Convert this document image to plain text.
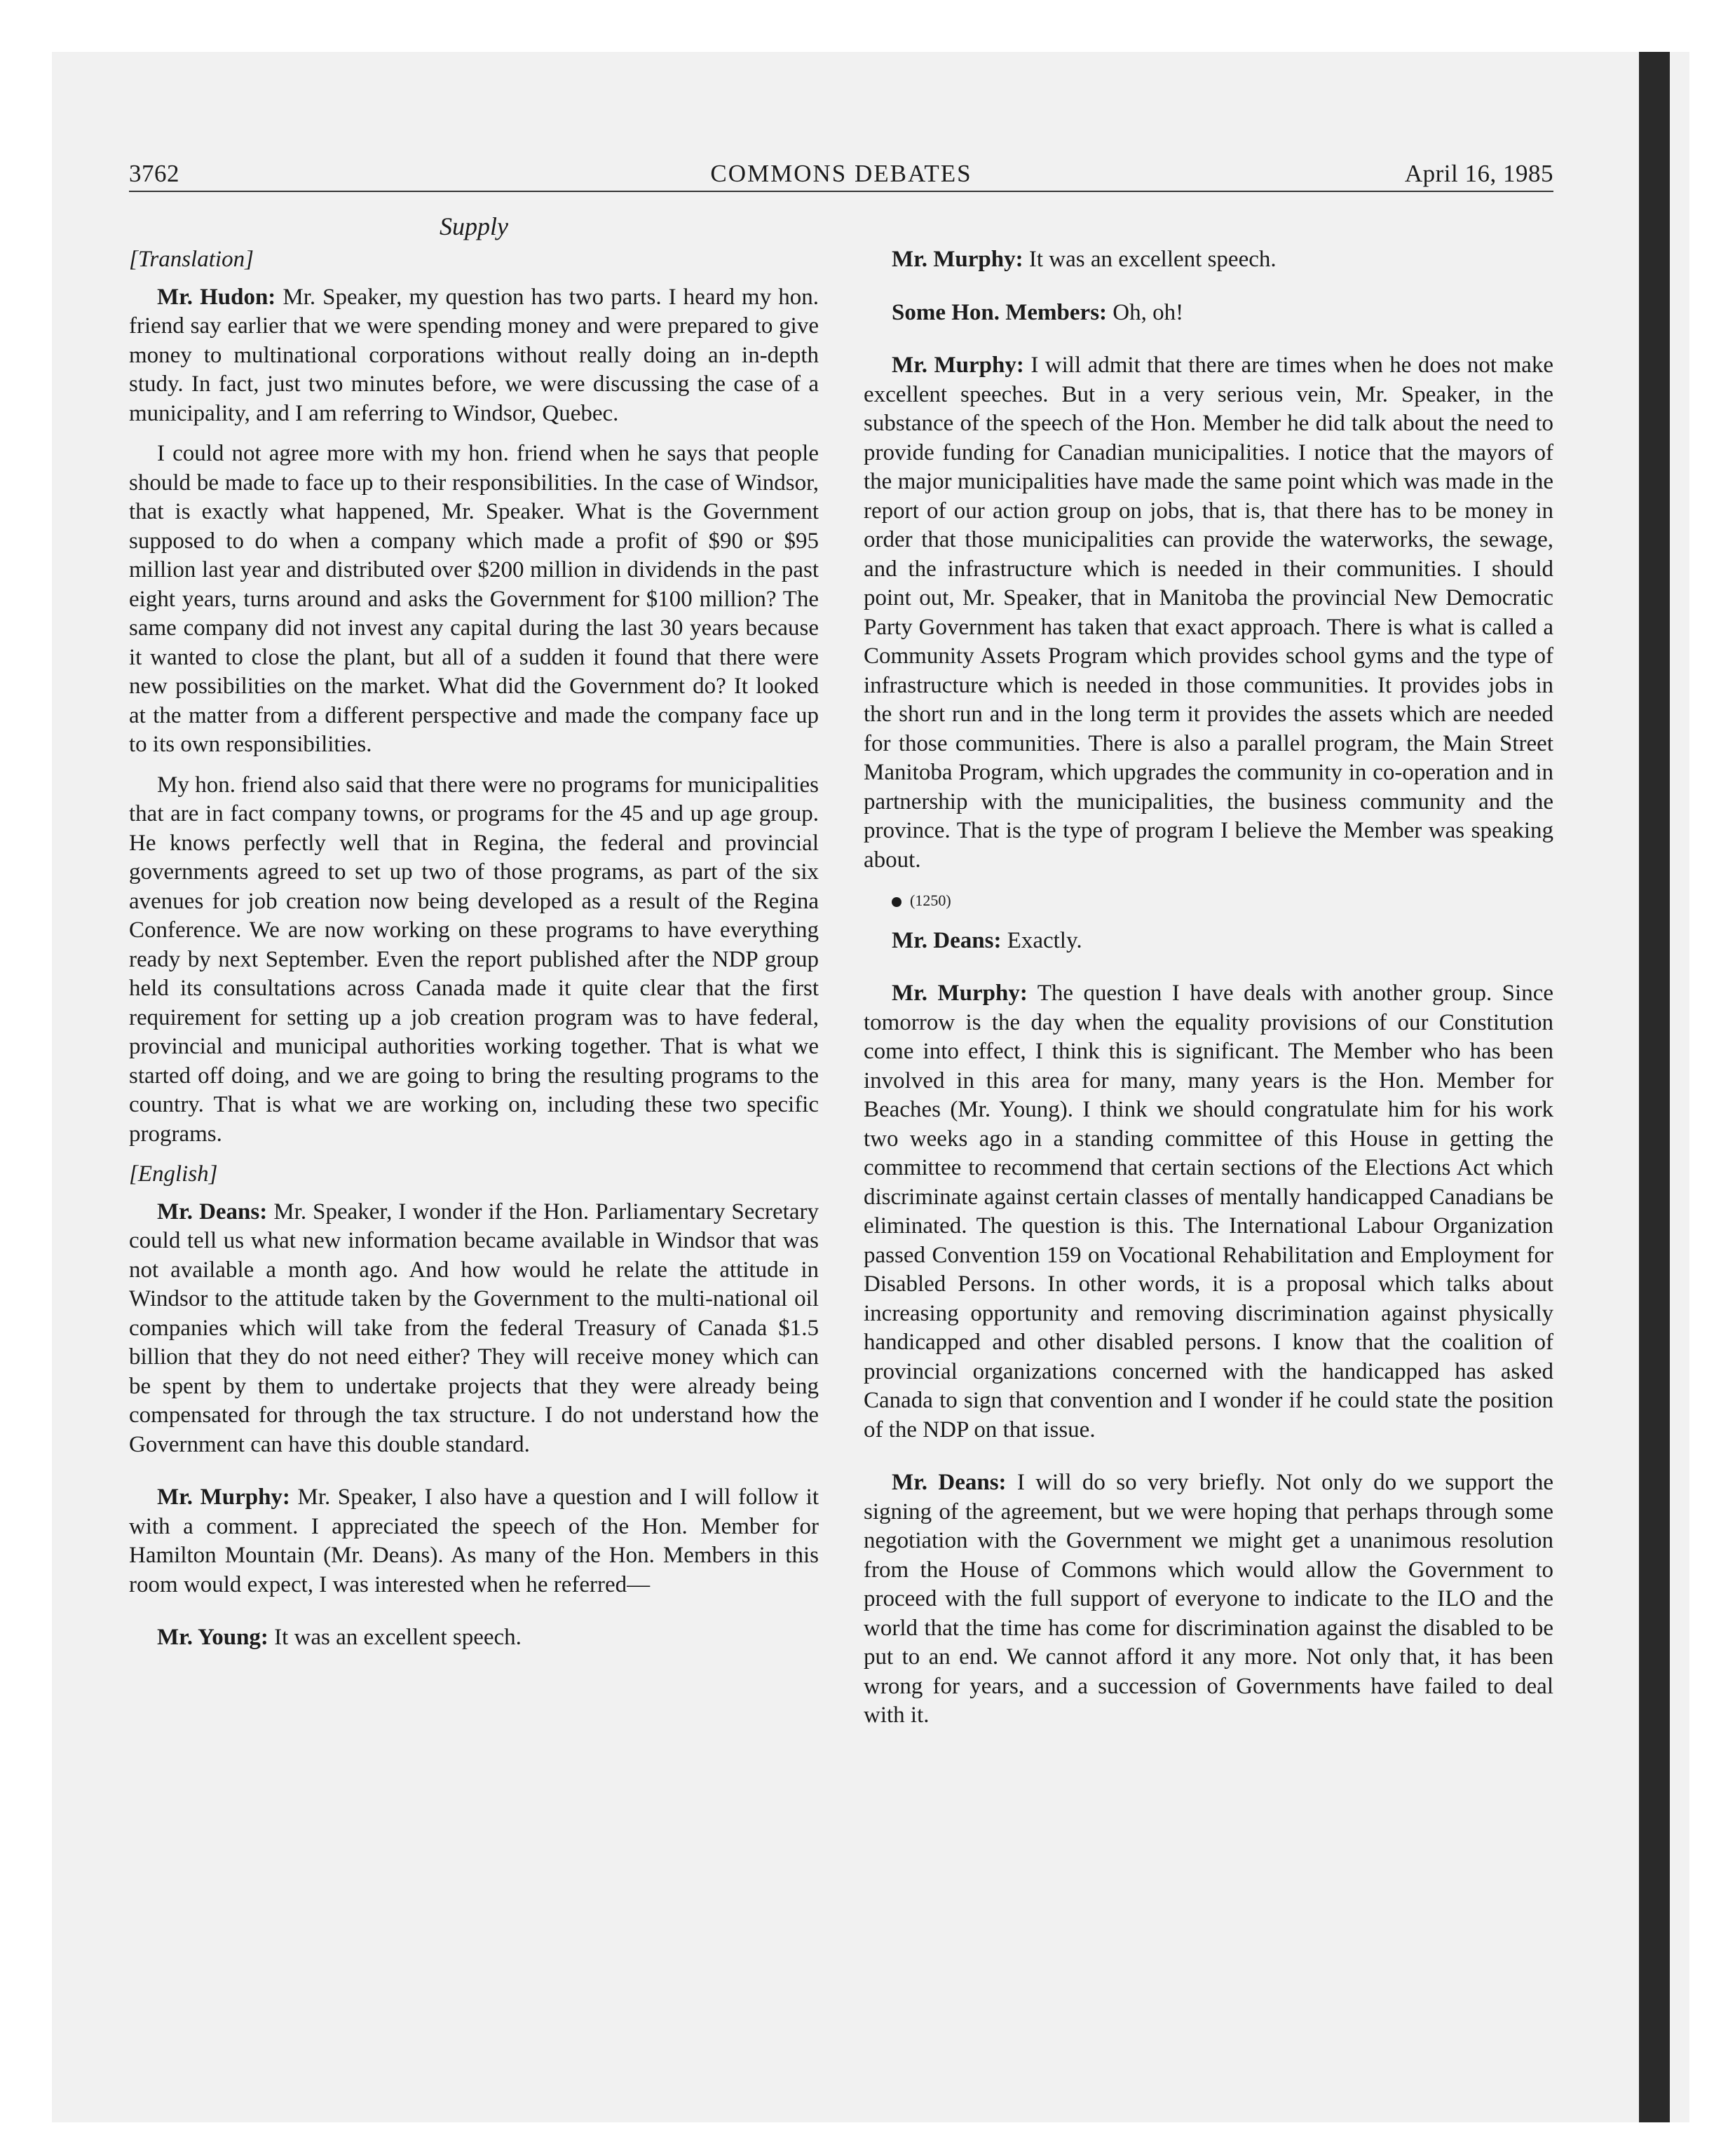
3762	COMMONS DEBATES	April 16, 1985
Supply

[Translation]

Mr. Hudon: Mr. Speaker, my question has two parts. I heard my hon. friend say earlier that we were spending money and were prepared to give money to multinational corporations without really doing an in-depth study. In fact, just two minutes before, we were discussing the case of a municipality, and I am referring to Windsor, Quebec.

I could not agree more with my hon. friend when he says that people should be made to face up to their responsibilities. In the case of Windsor, that is exactly what happened, Mr. Speaker. What is the Government supposed to do when a company which made a profit of $90 or $95 million last year and distributed over $200 million in dividends in the past eight years, turns around and asks the Government for $100 million? The same company did not invest any capital during the last 30 years because it wanted to close the plant, but all of a sudden it found that there were new possibilities on the market. What did the Government do? It looked at the matter from a different perspective and made the company face up to its own responsibilities.

My hon. friend also said that there were no programs for municipalities that are in fact company towns, or programs for the 45 and up age group. He knows perfectly well that in Regina, the federal and provincial governments agreed to set up two of those programs, as part of the six avenues for job creation now being developed as a result of the Regina Conference. We are now working on these programs to have everything ready by next September. Even the report published after the NDP group held its consultations across Canada made it quite clear that the first requirement for setting up a job creation program was to have federal, provincial and municipal authorities working together. That is what we started off doing, and we are going to bring the resulting programs to the country. That is what we are working on, including these two specific programs.

[English]

Mr. Deans: Mr. Speaker, I wonder if the Hon. Parliamentary Secretary could tell us what new information became available in Windsor that was not available a month ago. And how would he relate the attitude in Windsor to the attitude taken by the Government to the multi-national oil companies which will take from the federal Treasury of Canada $1.5 billion that they do not need either? They will receive money which can be spent by them to undertake projects that they were already being compensated for through the tax structure. I do not understand how the Government can have this double standard.

Mr. Murphy: Mr. Speaker, I also have a question and I will follow it with a comment. I appreciated the speech of the Hon. Member for Hamilton Mountain (Mr. Deans). As many of the Hon. Members in this room would expect, I was interested when he referred—

Mr. Young: It was an excellent speech.

Mr. Murphy: It was an excellent speech.

Some Hon. Members: Oh, oh!

Mr. Murphy: I will admit that there are times when he does not make excellent speeches. But in a very serious vein, Mr. Speaker, in the substance of the speech of the Hon. Member he did talk about the need to provide funding for Canadian municipalities. I notice that the mayors of the major municipalities have made the same point which was made in the report of our action group on jobs, that is, that there has to be money in order that those municipalities can provide the waterworks, the sewage, and the infrastructure which is needed in their communities. I should point out, Mr. Speaker, that in Manitoba the provincial New Democratic Party Government has taken that exact approach. There is what is called a Community Assets Program which provides school gyms and the type of infrastructure which is needed in those communities. It provides jobs in the short run and in the long term it provides the assets which are needed for those communities. There is also a parallel program, the Main Street Manitoba Program, which upgrades the community in co-operation and in partnership with the municipalities, the business community and the province. That is the type of program I believe the Member was speaking about.

(1250)

Mr. Deans: Exactly.

Mr. Murphy: The question I have deals with another group. Since tomorrow is the day when the equality provisions of our Constitution come into effect, I think this is significant. The Member who has been involved in this area for many, many years is the Hon. Member for Beaches (Mr. Young). I think we should congratulate him for his work two weeks ago in a standing committee of this House in getting the committee to recommend that certain sections of the Elections Act which discriminate against certain classes of mentally handicapped Canadians be eliminated. The question is this. The International Labour Organization passed Convention 159 on Vocational Rehabilitation and Employment for Disabled Persons. In other words, it is a proposal which talks about increasing opportunity and removing discrimination against physically handicapped and other disabled persons. I know that the coalition of provincial organizations concerned with the handicapped has asked Canada to sign that convention and I wonder if he could state the position of the NDP on that issue.

Mr. Deans: I will do so very briefly. Not only do we support the signing of the agreement, but we were hoping that perhaps through some negotiation with the Government we might get a unanimous resolution from the House of Commons which would allow the Government to proceed with the full support of everyone to indicate to the ILO and the world that the time has come for discrimination against the disabled to be put to an end. We cannot afford it any more. Not only that, it has been wrong for years, and a succession of Governments have failed to deal with it.
